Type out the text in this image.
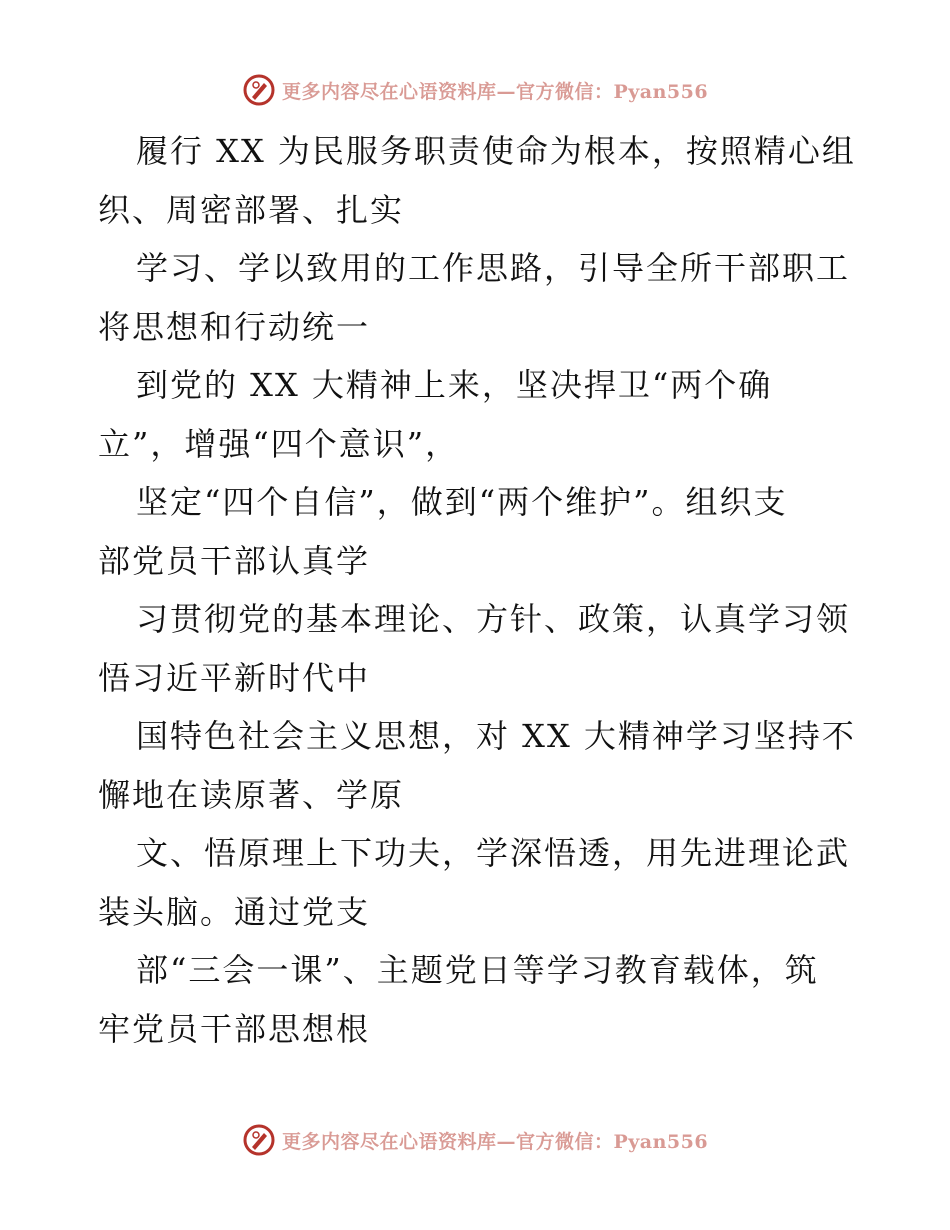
更多内容尽在心语资料库—官方微信：Pyan556
履行 XX 为民服务职责使命为根本，按照精心组
织、周密部署、扎实
学习、学以致用的工作思路，引导全所干部职工
将思想和行动统一
到党的 XX 大精神上来，坚决捍卫“两个确
立”，增强“四个意识”，
坚定“四个自信”，做到“两个维护”。组织支
部党员干部认真学
习贯彻党的基本理论、方针、政策，认真学习领
悟习近平新时代中
国特色社会主义思想，对 XX 大精神学习坚持不
懈地在读原著、学原
文、悟原理上下功夫，学深悟透，用先进理论武
装头脑。通过党支
部“三会一课”、主题党日等学习教育载体，筑
牢党员干部思想根
更多内容尽在心语资料库—官方微信：Pyan556
